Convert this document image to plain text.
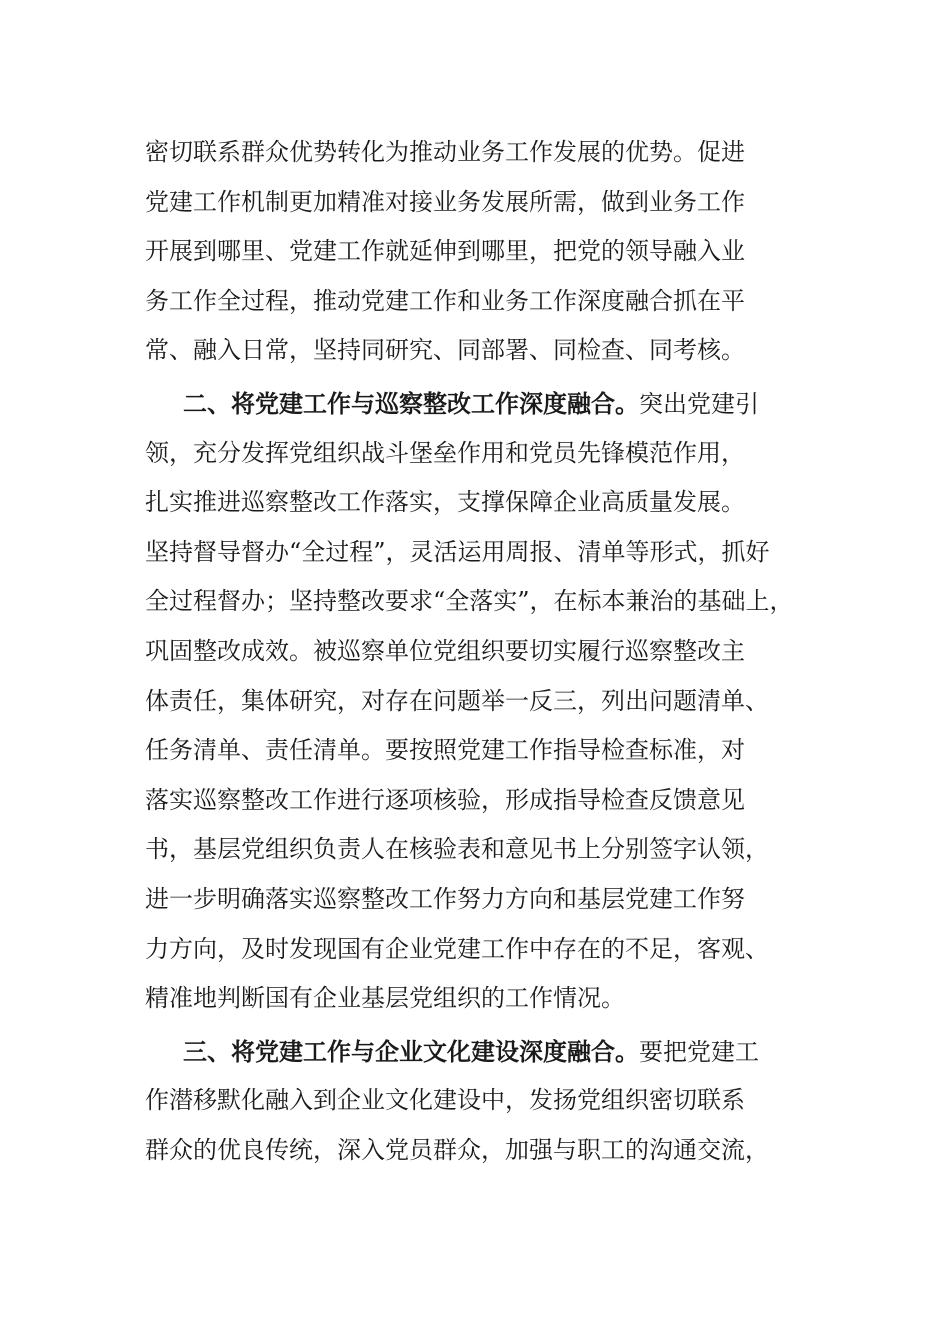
密切联系群众优势转化为推动业务工作发展的优势。促进
党建工作机制更加精准对接业务发展所需，做到业务工作
开展到哪里、党建工作就延伸到哪里，把党的领导融入业
务工作全过程，推动党建工作和业务工作深度融合抓在平
常、融入日常，坚持同研究、同部署、同检查、同考核。
二、将党建工作与巡察整改工作深度融合。突出党建引
领，充分发挥党组织战斗堡垒作用和党员先锋模范作用，
扎实推进巡察整改工作落实，支撑保障企业高质量发展。
坚持督导督办“全过程”，灵活运用周报、清单等形式，抓好
全过程督办；坚持整改要求“全落实”，在标本兼治的基础上，
巩固整改成效。被巡察单位党组织要切实履行巡察整改主
体责任，集体研究，对存在问题举一反三，列出问题清单、
任务清单、责任清单。要按照党建工作指导检查标准，对
落实巡察整改工作进行逐项核验，形成指导检查反馈意见
书，基层党组织负责人在核验表和意见书上分别签字认领，
进一步明确落实巡察整改工作努力方向和基层党建工作努
力方向，及时发现国有企业党建工作中存在的不足，客观、
精准地判断国有企业基层党组织的工作情况。
三、将党建工作与企业文化建设深度融合。要把党建工
作潜移默化融入到企业文化建设中，发扬党组织密切联系
群众的优良传统，深入党员群众，加强与职工的沟通交流，
